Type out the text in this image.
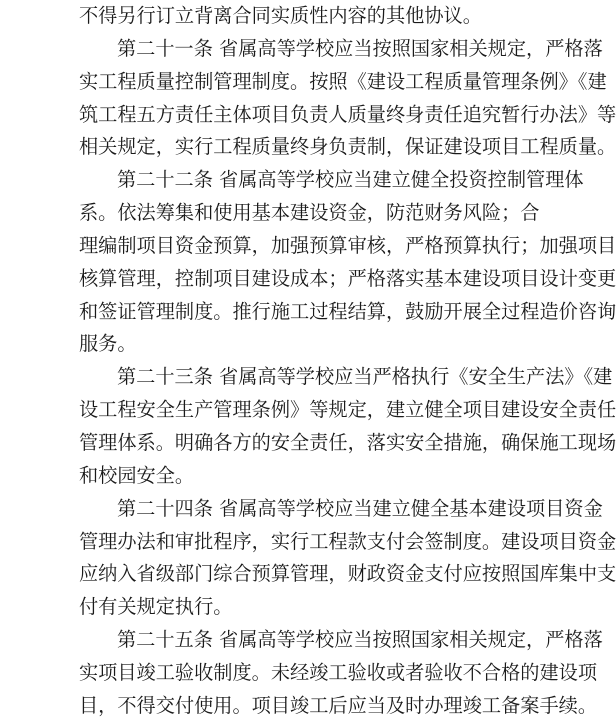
不得另行订立背离合同实质性内容的其他协议。
第二十一条 省属高等学校应当按照国家相关规定，严格落
实工程质量控制管理制度。按照《建设工程质量管理条例》《建
筑工程五方责任主体项目负责人质量终身责任追究暂行办法》等
相关规定，实行工程质量终身负责制，保证建设项目工程质量。
第二十二条 省属高等学校应当建立健全投资控制管理体
系。依法筹集和使用基本建设资金，防范财务风险；合
理编制项目资金预算，加强预算审核，严格预算执行；加强项目
核算管理，控制项目建设成本；严格落实基本建设项目设计变更
和签证管理制度。推行施工过程结算，鼓励开展全过程造价咨询
服务。
第二十三条 省属高等学校应当严格执行《安全生产法》《建
设工程安全生产管理条例》等规定，建立健全项目建设安全责任
管理体系。明确各方的安全责任，落实安全措施，确保施工现场
和校园安全。
第二十四条 省属高等学校应当建立健全基本建设项目资金
管理办法和审批程序，实行工程款支付会签制度。建设项目资金
应纳入省级部门综合预算管理，财政资金支付应按照国库集中支
付有关规定执行。
第二十五条 省属高等学校应当按照国家相关规定，严格落
实项目竣工验收制度。未经竣工验收或者验收不合格的建设项
目，不得交付使用。项目竣工后应当及时办理竣工备案手续。
